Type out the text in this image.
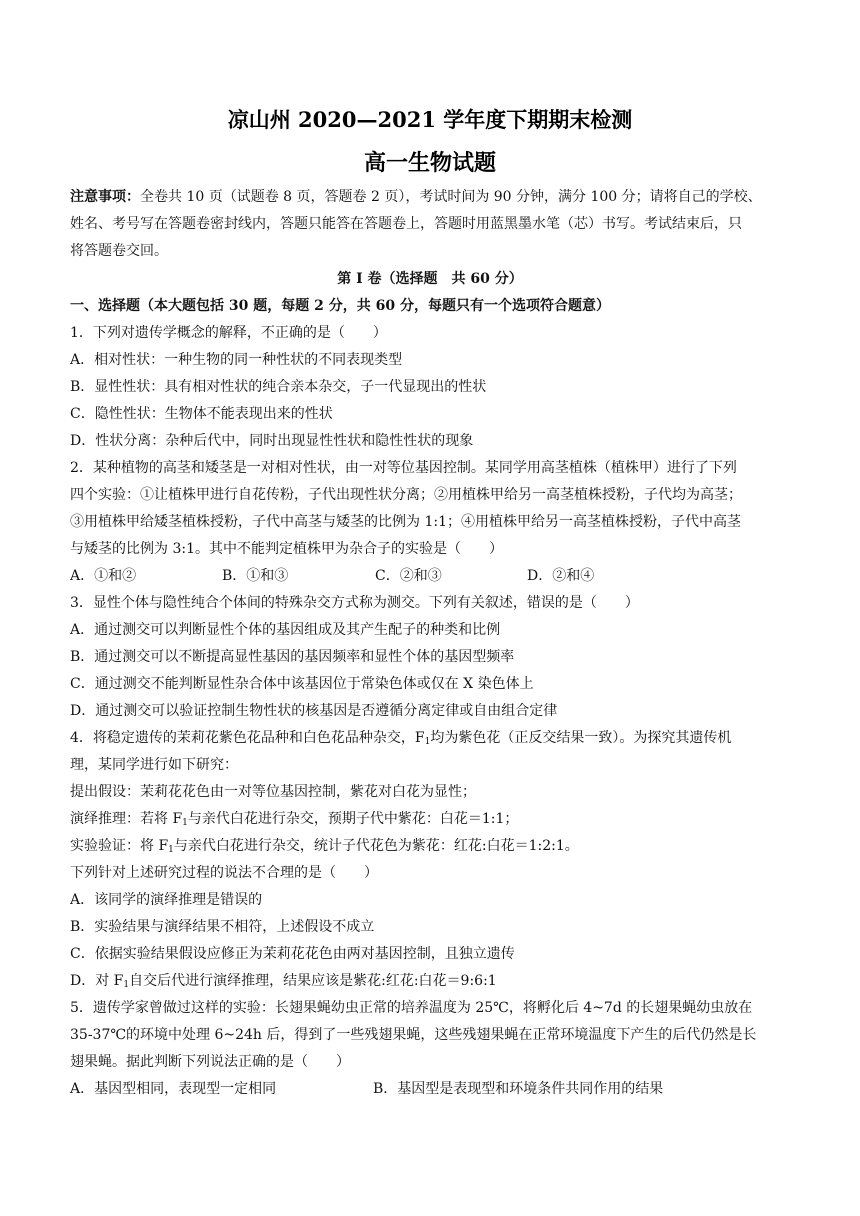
凉山州 2020—2021 学年度下期期末检测
高一生物试题
注意事项：全卷共 10 页（试题卷 8 页，答题卷 2 页），考试时间为 90 分钟，满分 100 分；请将自己的学校、
姓名、考号写在答题卷密封线内，答题只能答在答题卷上，答题时用蓝黑墨水笔（芯）书写。考试结束后，只
将答题卷交回。
第 I 卷（选择题　共 60 分）
一、选择题（本大题包括 30 题，每题 2 分，共 60 分，每题只有一个选项符合题意）
1．下列对遗传学概念的解释，不正确的是（　　）
A．相对性状：一种生物的同一种性状的不同表现类型
B．显性性状：具有相对性状的纯合亲本杂交，子一代显现出的性状
C．隐性性状：生物体不能表现出来的性状
D．性状分离：杂种后代中，同时出现显性性状和隐性性状的现象
2．某种植物的高茎和矮茎是一对相对性状，由一对等位基因控制。某同学用高茎植株（植株甲）进行了下列
四个实验：①让植株甲进行自花传粉，子代出现性状分离；②用植株甲给另一高茎植株授粉，子代均为高茎；
③用植株甲给矮茎植株授粉，子代中高茎与矮茎的比例为 1:1；④用植株甲给另一高茎植株授粉，子代中高茎
与矮茎的比例为 3:1。其中不能判定植株甲为杂合子的实验是（　　）
A．①和②	B．①和③	C．②和③	D．②和④
3．显性个体与隐性纯合个体间的特殊杂交方式称为测交。下列有关叙述，错误的是（　　）
A．通过测交可以判断显性个体的基因组成及其产生配子的种类和比例
B．通过测交可以不断提高显性基因的基因频率和显性个体的基因型频率
C．通过测交不能判断显性杂合体中该基因位于常染色体或仅在 X 染色体上
D．通过测交可以验证控制生物性状的核基因是否遵循分离定律或自由组合定律
4．将稳定遗传的茉莉花紫色花品种和白色花品种杂交，$F_1$均为紫色花（正反交结果一致）。为探究其遗传机
理，某同学进行如下研究：
提出假设：茉莉花花色由一对等位基因控制，紫花对白花为显性；
演绎推理：若将 $F_1$与亲代白花进行杂交，预期子代中紫花：白花＝1:1；
实验验证：将 $F_1$与亲代白花进行杂交，统计子代花色为紫花：红花:白花＝1:2:1。
下列针对上述研究过程的说法不合理的是（　　）
A．该同学的演绎推理是错误的
B．实验结果与演绎结果不相符，上述假设不成立
C．依据实验结果假设应修正为茉莉花花色由两对基因控制，且独立遗传
D．对 $F_1$自交后代进行演绎推理，结果应该是紫花:红花:白花＝9:6:1
5．遗传学家曾做过这样的实验：长翅果蝇幼虫正常的培养温度为 25℃，将孵化后 4~7d 的长翅果蝇幼虫放在
35-37℃的环境中处理 6~24h 后，得到了一些残翅果蝇，这些残翅果蝇在正常环境温度下产生的后代仍然是长
翅果蝇。据此判断下列说法正确的是（　　）
A．基因型相同，表现型一定相同	B．基因型是表现型和环境条件共同作用的结果
